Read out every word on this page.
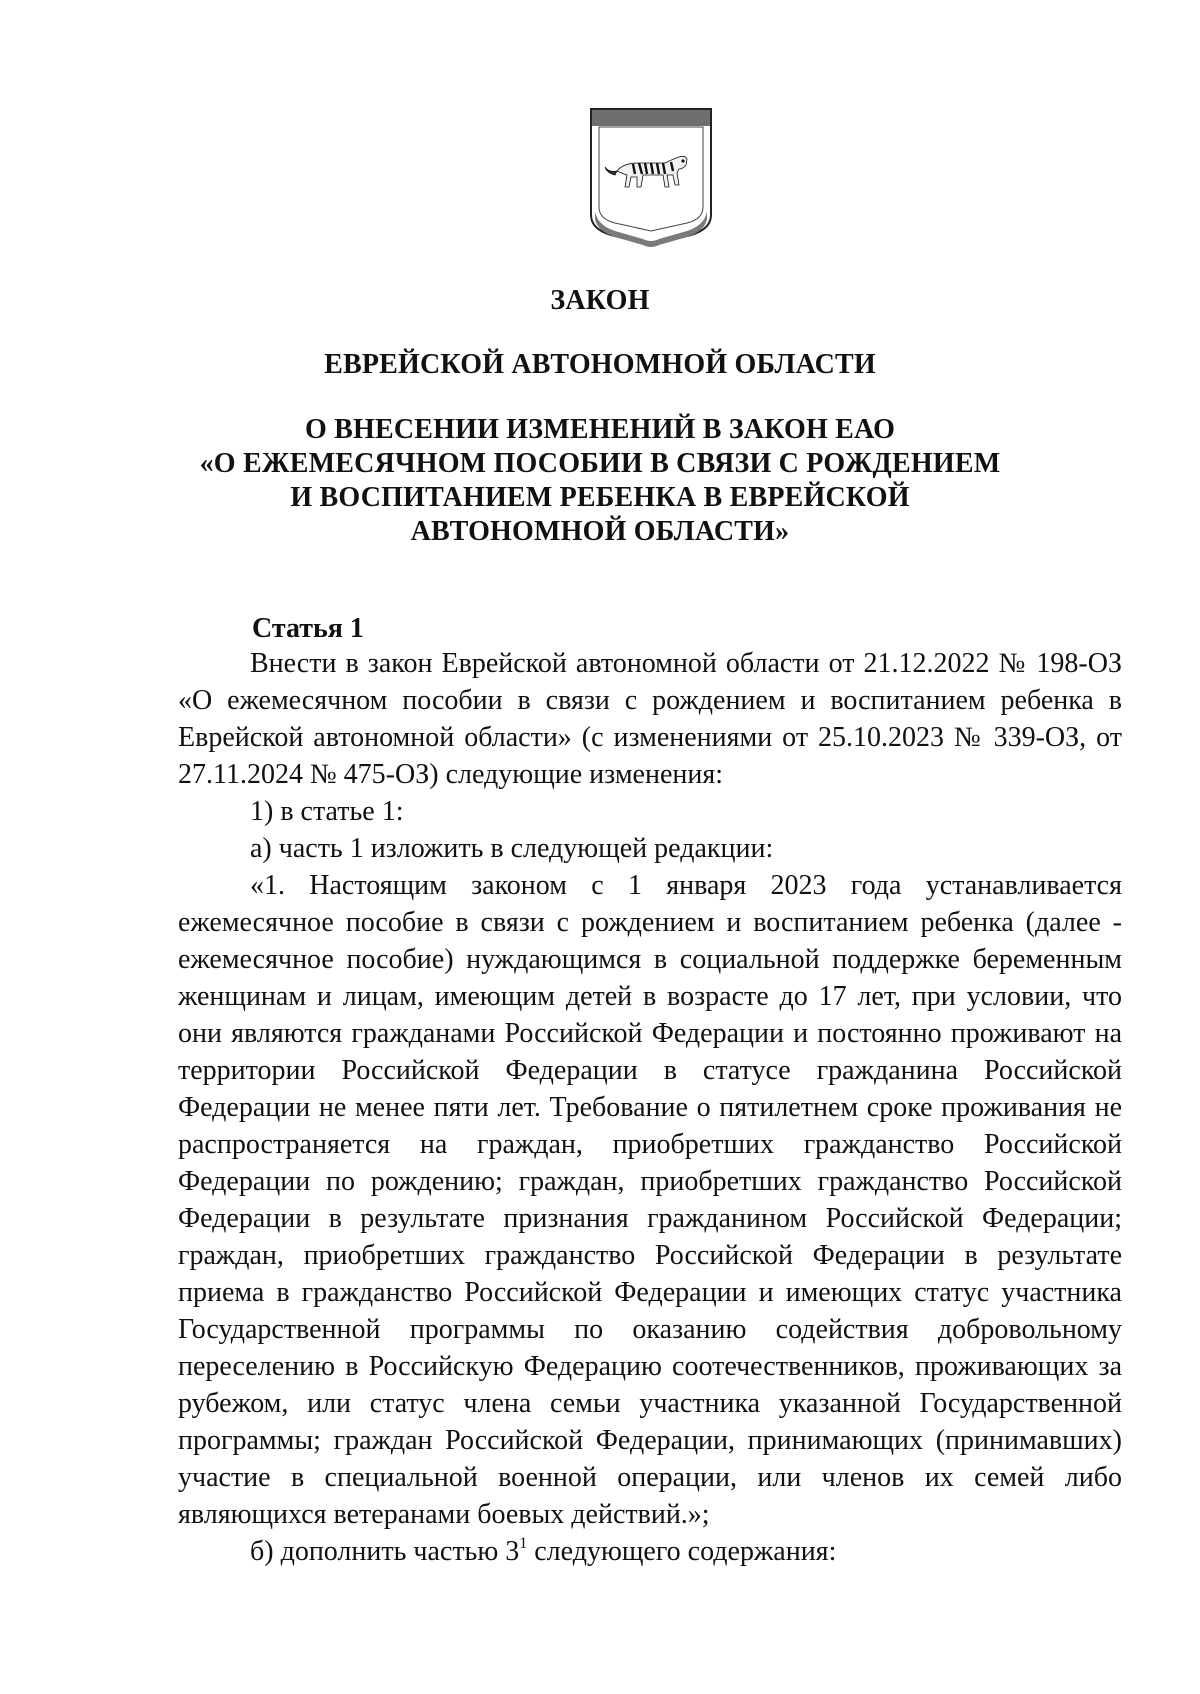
ЗАКОН
ЕВРЕЙСКОЙ АВТОНОМНОЙ ОБЛАСТИ
О ВНЕСЕНИИ ИЗМЕНЕНИЙ В ЗАКОН ЕАО
«О ЕЖЕМЕСЯЧНОМ ПОСОБИИ В СВЯЗИ С РОЖДЕНИЕМ
И ВОСПИТАНИЕМ РЕБЕНКА В ЕВРЕЙСКОЙ
АВТОНОМНОЙ ОБЛАСТИ»
Статья 1

Внести в закон Еврейской автономной области от 21.12.2022 № 198-ОЗ «О ежемесячном пособии в связи с рождением и воспитанием ребенка в Еврейской автономной области» (с изменениями от 25.10.2023 № 339-ОЗ, от 27.11.2024 № 475-ОЗ) следующие изменения:

1) в статье 1:

а) часть 1 изложить в следующей редакции:

«1. Настоящим законом с 1 января 2023 года устанавливается ежемесячное пособие в связи с рождением и воспитанием ребенка (далее - ежемесячное пособие) нуждающимся в социальной поддержке беременным женщинам и лицам, имеющим детей в возрасте до 17 лет, при условии, что они являются гражданами Российской Федерации и постоянно проживают на территории Российской Федерации в статусе гражданина Российской Федерации не менее пяти лет. Требование о пятилетнем сроке проживания не распространяется на граждан, приобретших гражданство Российской Федерации по рождению; граждан, приобретших гражданство Российской Федерации в результате признания гражданином Российской Федерации; граждан, приобретших гражданство Российской Федерации в результате приема в гражданство Российской Федерации и имеющих статус участника Государственной программы по оказанию содействия добровольному переселению в Российскую Федерацию соотечественников, проживающих за рубежом, или статус члена семьи участника указанной Государственной программы; граждан Российской Федерации, принимающих (принимавших) участие в специальной военной операции, или членов их семей либо являющихся ветеранами боевых действий.»;

б) дополнить частью $3^1$ следующего содержания:
